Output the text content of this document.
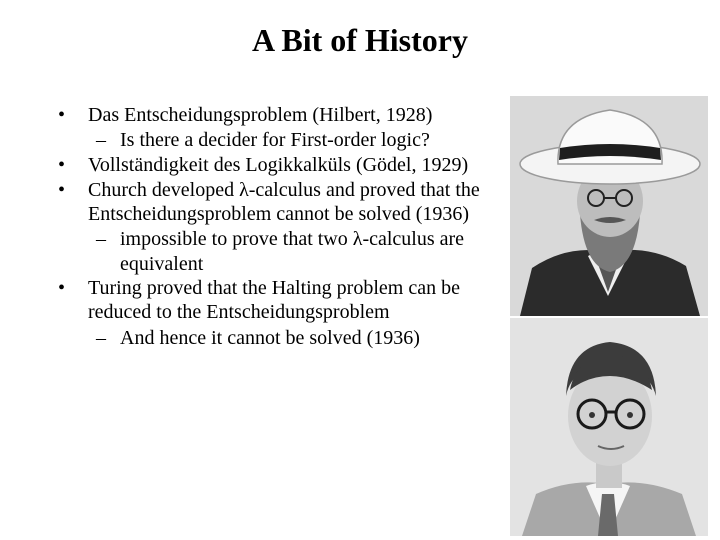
A Bit of History
• Das Entscheidungsproblem (Hilbert, 1928)
– Is there a decider for First-order logic?
• Vollständigkeit des Logikkalküls (Gödel, 1929)
• Church developed λ-calculus and proved that the Entscheidungsproblem cannot be solved (1936)
– impossible to prove that two λ-calculus are equivalent
• Turing proved that the Halting problem can be reduced to the Entscheidungsproblem
– And hence it cannot be solved (1936)
